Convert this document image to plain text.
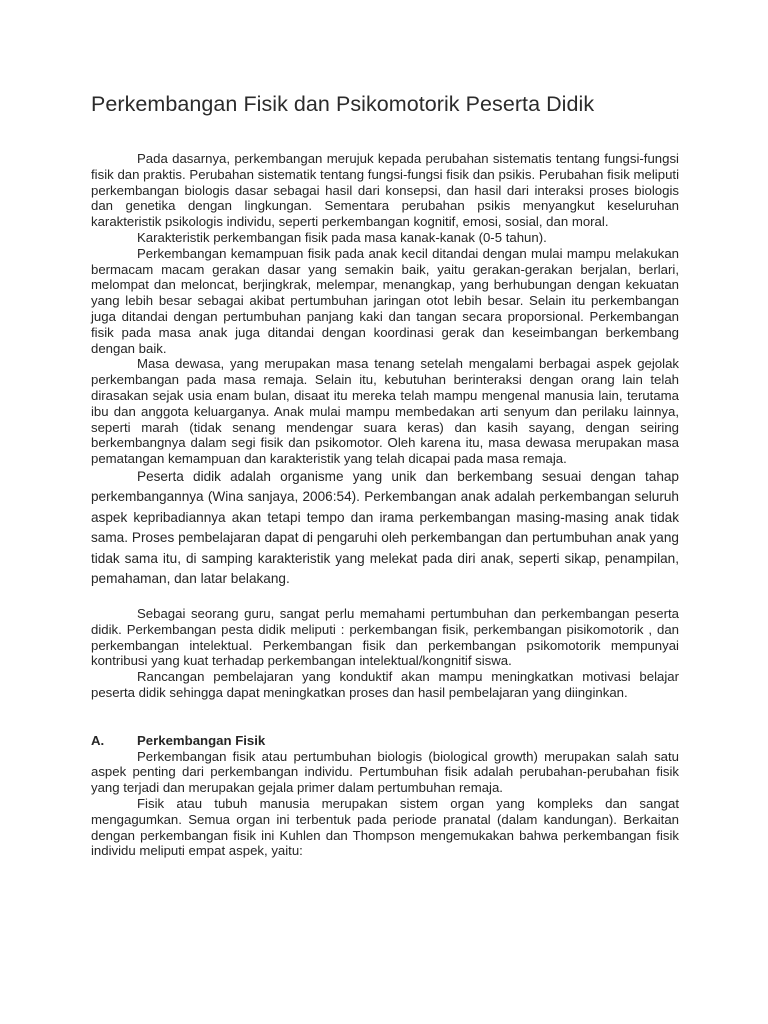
Perkembangan Fisik dan Psikomotorik Peserta Didik

Pada dasarnya, perkembangan merujuk kepada perubahan sistematis tentang fungsi-fungsi fisik dan praktis. Perubahan sistematik tentang fungsi-fungsi fisik dan psikis. Perubahan fisik meliputi perkembangan biologis dasar sebagai hasil dari konsepsi, dan hasil dari interaksi proses biologis dan genetika dengan lingkungan. Sementara perubahan psikis menyangkut keseluruhan karakteristik psikologis individu, seperti perkembangan kognitif, emosi, sosial, dan moral.

Karakteristik perkembangan fisik pada masa kanak-kanak (0-5 tahun).

Perkembangan kemampuan fisik pada anak kecil ditandai dengan mulai mampu melakukan bermacam macam gerakan dasar yang semakin baik, yaitu gerakan-gerakan berjalan, berlari, melompat dan meloncat, berjingkrak, melempar, menangkap, yang berhubungan dengan kekuatan yang lebih besar sebagai akibat pertumbuhan jaringan otot lebih besar. Selain itu perkembangan juga ditandai dengan pertumbuhan panjang kaki dan tangan secara proporsional. Perkembangan fisik pada masa anak juga ditandai dengan koordinasi gerak dan keseimbangan berkembang dengan baik.

Masa dewasa, yang merupakan masa tenang setelah mengalami berbagai aspek gejolak perkembangan pada masa remaja. Selain itu, kebutuhan berinteraksi dengan orang lain telah dirasakan sejak usia enam bulan, disaat itu mereka telah mampu mengenal manusia lain, terutama ibu dan anggota keluarganya. Anak mulai mampu membedakan arti senyum dan perilaku lainnya, seperti marah (tidak senang mendengar suara keras) dan kasih sayang, dengan seiring berkembangnya dalam segi fisik dan psikomotor. Oleh karena itu, masa dewasa merupakan masa pematangan kemampuan dan karakteristik yang telah dicapai pada masa remaja.

Peserta didik adalah organisme yang unik dan berkembang sesuai dengan tahap perkembangannya (Wina sanjaya, 2006:54). Perkembangan anak adalah perkembangan seluruh aspek kepribadiannya akan tetapi tempo dan irama perkembangan masing-masing anak tidak sama. Proses pembelajaran dapat di pengaruhi oleh perkembangan dan pertumbuhan anak yang tidak sama itu, di samping karakteristik yang melekat pada diri anak, seperti sikap, penampilan, pemahaman, dan latar belakang.

Sebagai seorang guru, sangat perlu memahami pertumbuhan dan perkembangan peserta didik. Perkembangan pesta didik meliputi : perkembangan fisik, perkembangan pisikomotorik , dan perkembangan intelektual. Perkembangan fisik dan perkembangan psikomotorik mempunyai kontribusi yang kuat terhadap perkembangan intelektual/kongnitif siswa.

Rancangan pembelajaran yang konduktif akan mampu meningkatkan motivasi belajar peserta didik sehingga dapat meningkatkan proses dan hasil pembelajaran yang diinginkan.

A.	Perkembangan Fisik

Perkembangan fisik atau pertumbuhan biologis (biological growth) merupakan salah satu aspek penting dari perkembangan individu. Pertumbuhan fisik adalah perubahan-perubahan fisik yang terjadi dan merupakan gejala primer dalam pertumbuhan remaja.

Fisik atau tubuh manusia merupakan sistem organ yang kompleks dan sangat mengagumkan. Semua organ ini terbentuk pada periode pranatal (dalam kandungan). Berkaitan dengan perkembangan fisik ini Kuhlen dan Thompson mengemukakan bahwa perkembangan fisik individu meliputi empat aspek, yaitu:
